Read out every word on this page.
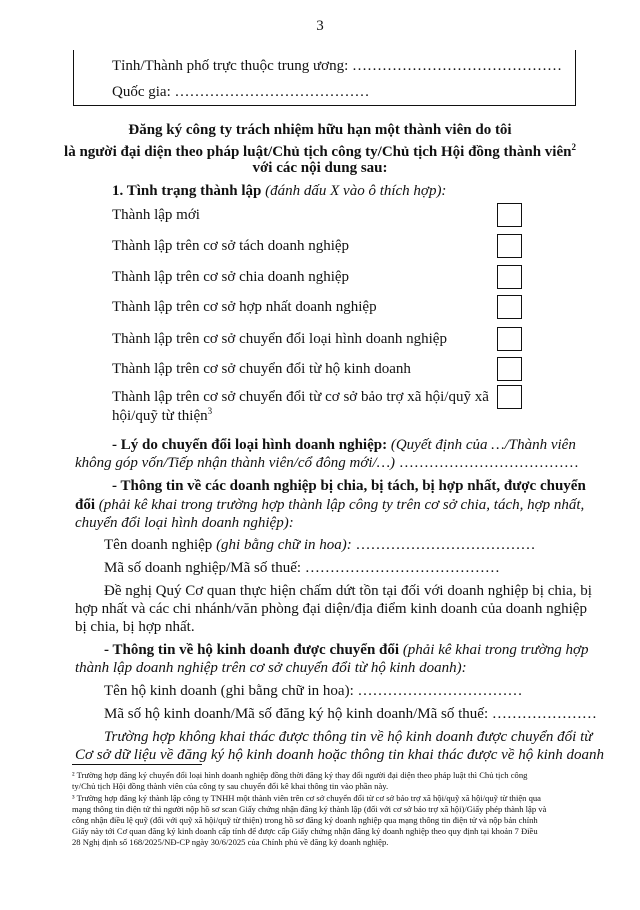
3
Tỉnh/Thành phố trực thuộc trung ương: ……………………………………
Quốc gia: …………………………………
Đăng ký công ty trách nhiệm hữu hạn một thành viên do tôi
là người đại diện theo pháp luật/Chủ tịch công ty/Chủ tịch Hội đồng thành viên$^2$
với các nội dung sau:
1. Tình trạng thành lập (đánh dấu X vào ô thích hợp):
Thành lập mới
Thành lập trên cơ sở tách doanh nghiệp
Thành lập trên cơ sở chia doanh nghiệp
Thành lập trên cơ sở hợp nhất doanh nghiệp
Thành lập trên cơ sở chuyển đổi loại hình doanh nghiệp
Thành lập trên cơ sở chuyển đổi từ hộ kinh doanh
Thành lập trên cơ sở chuyển đổi từ cơ sở bảo trợ xã hội/quỹ xã
hội/quỹ từ thiện$^3$
- Lý do chuyển đổi loại hình doanh nghiệp: (Quyết định của …/Thành viên
không góp vốn/Tiếp nhận thành viên/cổ đông mới/…) ………………………………
- Thông tin về các doanh nghiệp bị chia, bị tách, bị hợp nhất, được chuyển
đổi (phải kê khai trong trường hợp thành lập công ty trên cơ sở chia, tách, hợp nhất,
chuyển đổi loại hình doanh nghiệp):
Tên doanh nghiệp (ghi bằng chữ in hoa): ………………………………
Mã số doanh nghiệp/Mã số thuế: …………………………………
Đề nghị Quý Cơ quan thực hiện chấm dứt tồn tại đối với doanh nghiệp bị chia, bị
hợp nhất và các chi nhánh/văn phòng đại diện/địa điểm kinh doanh của doanh nghiệp
bị chia, bị hợp nhất.
- Thông tin về hộ kinh doanh được chuyển đổi (phải kê khai trong trường hợp
thành lập doanh nghiệp trên cơ sở chuyển đổi từ hộ kinh doanh):
Tên hộ kinh doanh (ghi bằng chữ in hoa): ……………………………
Mã số hộ kinh doanh/Mã số đăng ký hộ kinh doanh/Mã số thuế: …………………
Trường hợp không khai thác được thông tin về hộ kinh doanh được chuyển đổi từ
Cơ sở dữ liệu về đăng ký hộ kinh doanh hoặc thông tin khai thác được về hộ kinh doanh
² Trường hợp đăng ký chuyển đổi loại hình doanh nghiệp đồng thời đăng ký thay đổi người đại diện theo pháp luật thì Chủ tịch công
ty/Chủ tịch Hội đồng thành viên của công ty sau chuyển đổi kê khai thông tin vào phần này.
³ Trường hợp đăng ký thành lập công ty TNHH một thành viên trên cơ sở chuyển đổi từ cơ sở bảo trợ xã hội/quỹ xã hội/quỹ từ thiện qua
mạng thông tin điện tử thì người nộp hồ sơ scan Giấy chứng nhận đăng ký thành lập (đối với cơ sở bảo trợ xã hội)/Giấy phép thành lập và
công nhận điều lệ quỹ (đối với quỹ xã hội/quỹ từ thiện) trong hồ sơ đăng ký doanh nghiệp qua mạng thông tin điện tử và nộp bản chính
Giấy này tới Cơ quan đăng ký kinh doanh cấp tỉnh để được cấp Giấy chứng nhận đăng ký doanh nghiệp theo quy định tại khoản 7 Điều
28 Nghị định số 168/2025/NĐ-CP ngày 30/6/2025 của Chính phủ về đăng ký doanh nghiệp.
